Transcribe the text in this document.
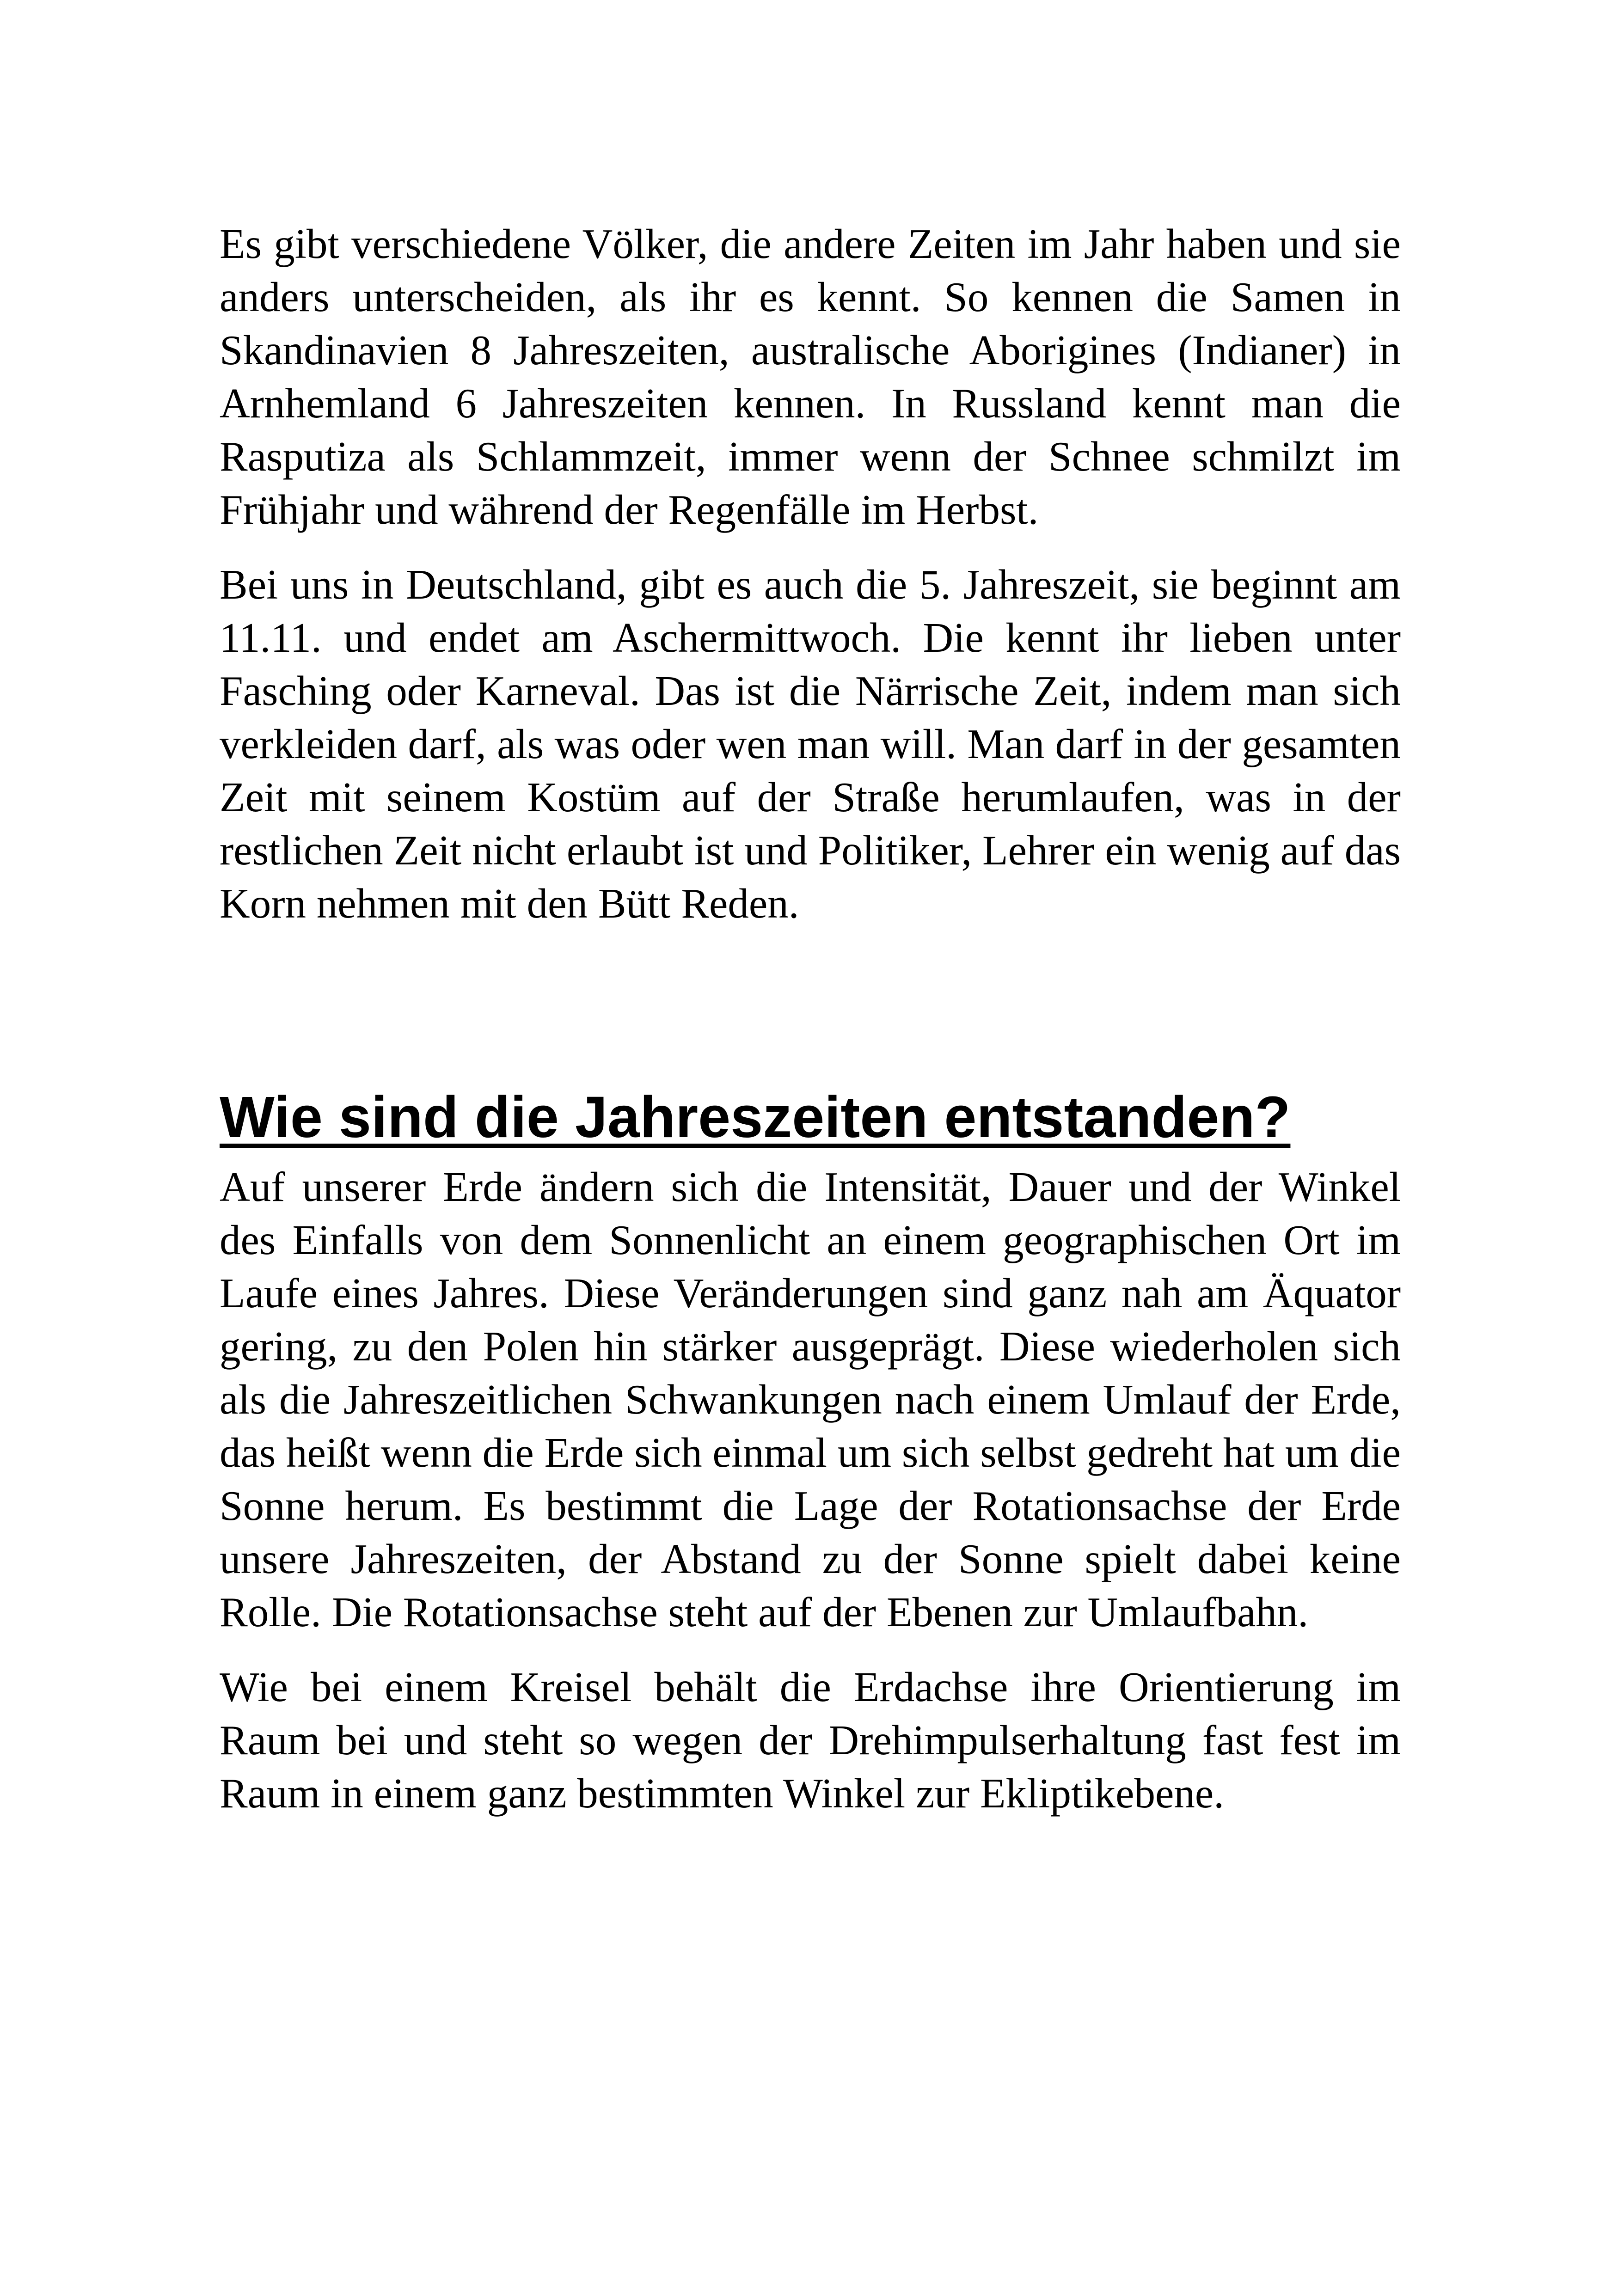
Es gibt verschiedene Völker, die andere Zeiten im Jahr haben und sie anders unterscheiden, als ihr es kennt. So kennen die Samen in Skandinavien 8 Jahreszeiten, australische Aborigines (Indianer) in Arnhemland 6 Jahreszeiten kennen. In Russland kennt man die Rasputiza als Schlammzeit, immer wenn der Schnee schmilzt im Frühjahr und während der Regenfälle im Herbst.

Bei uns in Deutschland, gibt es auch die 5. Jahreszeit, sie beginnt am 11.11. und endet am Aschermittwoch. Die kennt ihr lieben unter Fasching oder Karneval. Das ist die Närrische Zeit, indem man sich verkleiden darf, als was oder wen man will. Man darf in der gesamten Zeit mit seinem Kostüm auf der Straße herumlaufen, was in der restlichen Zeit nicht erlaubt ist und Politiker, Lehrer ein wenig auf das Korn nehmen mit den Bütt Reden.

Wie sind die Jahreszeiten entstanden?

Auf unserer Erde ändern sich die Intensität, Dauer und der Winkel des Einfalls von dem Sonnenlicht an einem geographischen Ort im Laufe eines Jahres. Diese Veränderungen sind ganz nah am Äquator gering, zu den Polen hin stärker ausgeprägt. Diese wiederholen sich als die Jahreszeitlichen Schwankungen nach einem Umlauf der Erde, das heißt wenn die Erde sich einmal um sich selbst gedreht hat um die Sonne herum. Es bestimmt die Lage der Rotationsachse der Erde unsere Jahreszeiten, der Abstand zu der Sonne spielt dabei keine Rolle. Die Rotationsachse steht auf der Ebenen zur Umlaufbahn.

Wie bei einem Kreisel behält die Erdachse ihre Orientierung im Raum bei und steht so wegen der Drehimpulserhaltung fast fest im Raum in einem ganz bestimmten Winkel zur Ekliptikebene.
